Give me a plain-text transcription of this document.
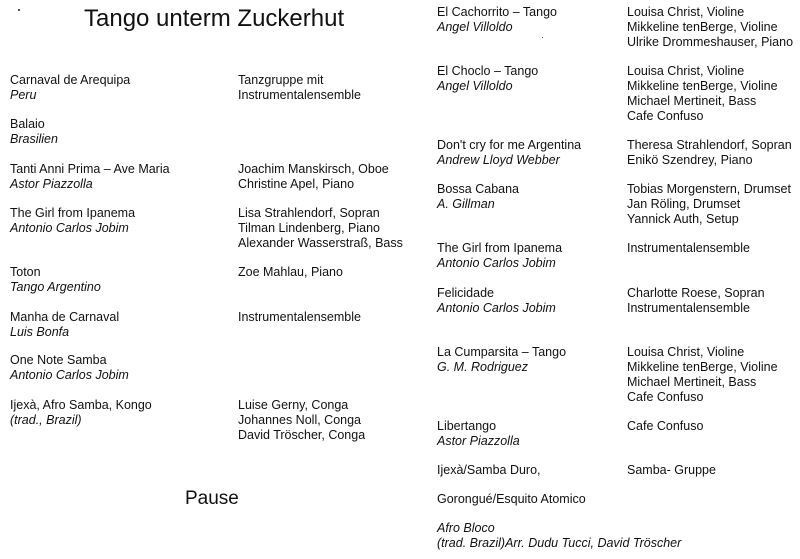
Tango unterm Zuckerhut
Pause
Carnaval de Arequipa
Peru
Tanzgruppe mit
Instrumentalensemble
Balaio
Brasilien
Tanti Anni Prima – Ave Maria
Astor Piazzolla
Joachim Manskirsch, Oboe
Christine Apel, Piano
The Girl from Ipanema
Antonio Carlos Jobim
Lisa Strahlendorf, Sopran
Tilman Lindenberg, Piano
Alexander Wasserstraß, Bass
Toton
Tango Argentino
Zoe Mahlau, Piano
Manha de Carnaval
Luis Bonfa
Instrumentalensemble
One Note Samba
Antonio Carlos Jobim
Ijexà, Afro Samba, Kongo
(trad., Brazil)
Luise Gerny, Conga
Johannes Noll, Conga
David Tröscher, Conga
El Cachorrito – Tango
Angel Villoldo
Louisa Christ, Violine
Mikkeline tenBerge, Violine
Ulrike Drommeshauser, Piano
El Choclo – Tango
Angel Villoldo
Louisa Christ, Violine
Mikkeline tenBerge, Violine
Michael Mertineit, Bass
Cafe Confuso
Don't cry for me Argentina
Andrew Lloyd Webber
Theresa Strahlendorf, Sopran
Enikö Szendrey, Piano
Bossa Cabana
A. Gillman
Tobias Morgenstern, Drumset
Jan Röling, Drumset
Yannick Auth, Setup
The Girl from Ipanema
Antonio Carlos Jobim
Instrumentalensemble
Felicidade
Antonio Carlos Jobim
Charlotte Roese, Sopran
Instrumentalensemble
La Cumparsita – Tango
G. M. Rodriguez
Louisa Christ, Violine
Mikkeline tenBerge, Violine
Michael Mertineit, Bass
Cafe Confuso
Libertango
Astor Piazzolla
Cafe Confuso
Ijexà/Samba Duro,	Samba- Gruppe
Gorongué/Esquito Atomico
Afro Bloco
(trad. Brazil)Arr. Dudu Tucci, David Tröscher
